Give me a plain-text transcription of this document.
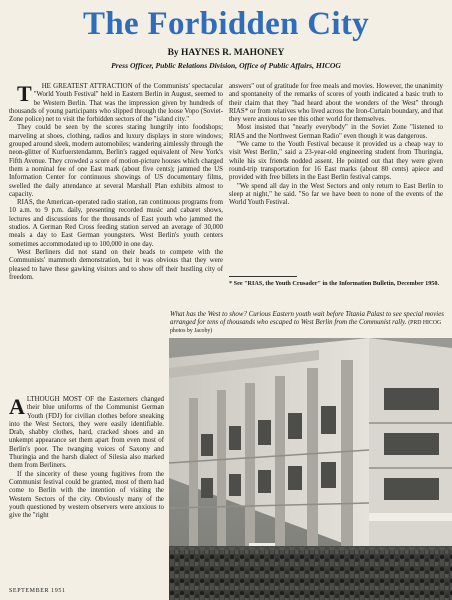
The Forbidden City
By HAYNES R. MAHONEY
Press Officer, Public Relations Division, Office of Public Affairs, HICOG

T HE GREATEST ATTRACTION of the Communists' spectacular "World Youth Festival" held in Eastern Berlin in August, seemed to be Western Berlin. That was the impression given by hundreds of thousands of young participants who slipped through the loose Vopo (Soviet-Zone police) net to visit the forbidden sectors of the "island city."

They could be seen by the scores staring hungrily into foodshops; marveling at shoes, clothing, radios and luxury displays in store windows; grouped around sleek, modern automobiles; wandering aimlessly through the neon-glitter of Kurfuerstendamm, Berlin's ragged equivalent of New York's Fifth Avenue. They crowded a score of motion-picture houses which charged them a nominal fee of one East mark (about five cents); jammed the US Information Center for continuous showings of US documentary films, swelled the daily attendance at several Marshall Plan exhibits almost to capacity.

RIAS, the American-operated radio station, ran continuous programs from 10 a.m. to 9 p.m. daily, presenting recorded music and cabaret shows, lectures and discussions for the thousands of East youth who jammed the studios. A German Red Cross feeding station served an average of 30,000 meals a day to East German youngsters. West Berlin's youth centers sometimes accommodated up to 100,000 in one day.

West Berliners did not stand on their heads to compete with the Communists' mammoth demonstration, but it was obvious that they were pleased to have these gawking visitors and to show off their hustling city of freedom.

ALTHOUGH MOST OF the Easterners changed their blue uniforms of the Communist German Youth (FDJ) for civilian clothes before sneaking into the West Sectors, they were easily identifiable. Drab, shabby clothes, hard, cracked shoes and an unkempt appearance set them apart from even most of Berlin's poor. The twanging voices of Saxony and Thuringia and the harsh dialect of Silesia also marked them from Berliners.

If the sincerity of these young fugitives from the Communist festival could be granted, most of them had come to Berlin with the intention of visiting the Western Sectors of the city. Obviously many of the youth questioned by western observers were anxious to give the "right

answers" out of gratitude for free meals and movies. However, the unanimity and spontaneity of the remarks of scores of youth indicated a basic truth to their claim that they "had heard about the wonders of the West" through RIAS* or from relatives who lived across the Iron-Curtain boundary, and that they were anxious to see this other world for themselves.

Most insisted that "nearly everybody" in the Soviet Zone "listened to RIAS and the Northwest German Radio" even though it was dangerous.

"We came to the Youth Festival because it provided us a cheap way to visit West Berlin," said a 23-year-old engineering student from Thuringia, while his six friends nodded assent. He pointed out that they were given round-trip transportation for 16 East marks (about 80 cents) apiece and provided with free billets in the East Berlin festival camps.

"We spend all day in the West Sectors and only return to East Berlin to sleep at night," he said. "So far we have been to none of the events of the World Youth Festival.

* See "RIAS, the Youth Crusader" in the Information Bulletin, December 1950.
What has the West to show? Curious Eastern youth wait before Titania Palast to see special movies arranged for tens of thousands who escaped to West Berlin from the Communist rally. (PRD HICOG photos by Jacoby)
SEPTEMBER 1951
